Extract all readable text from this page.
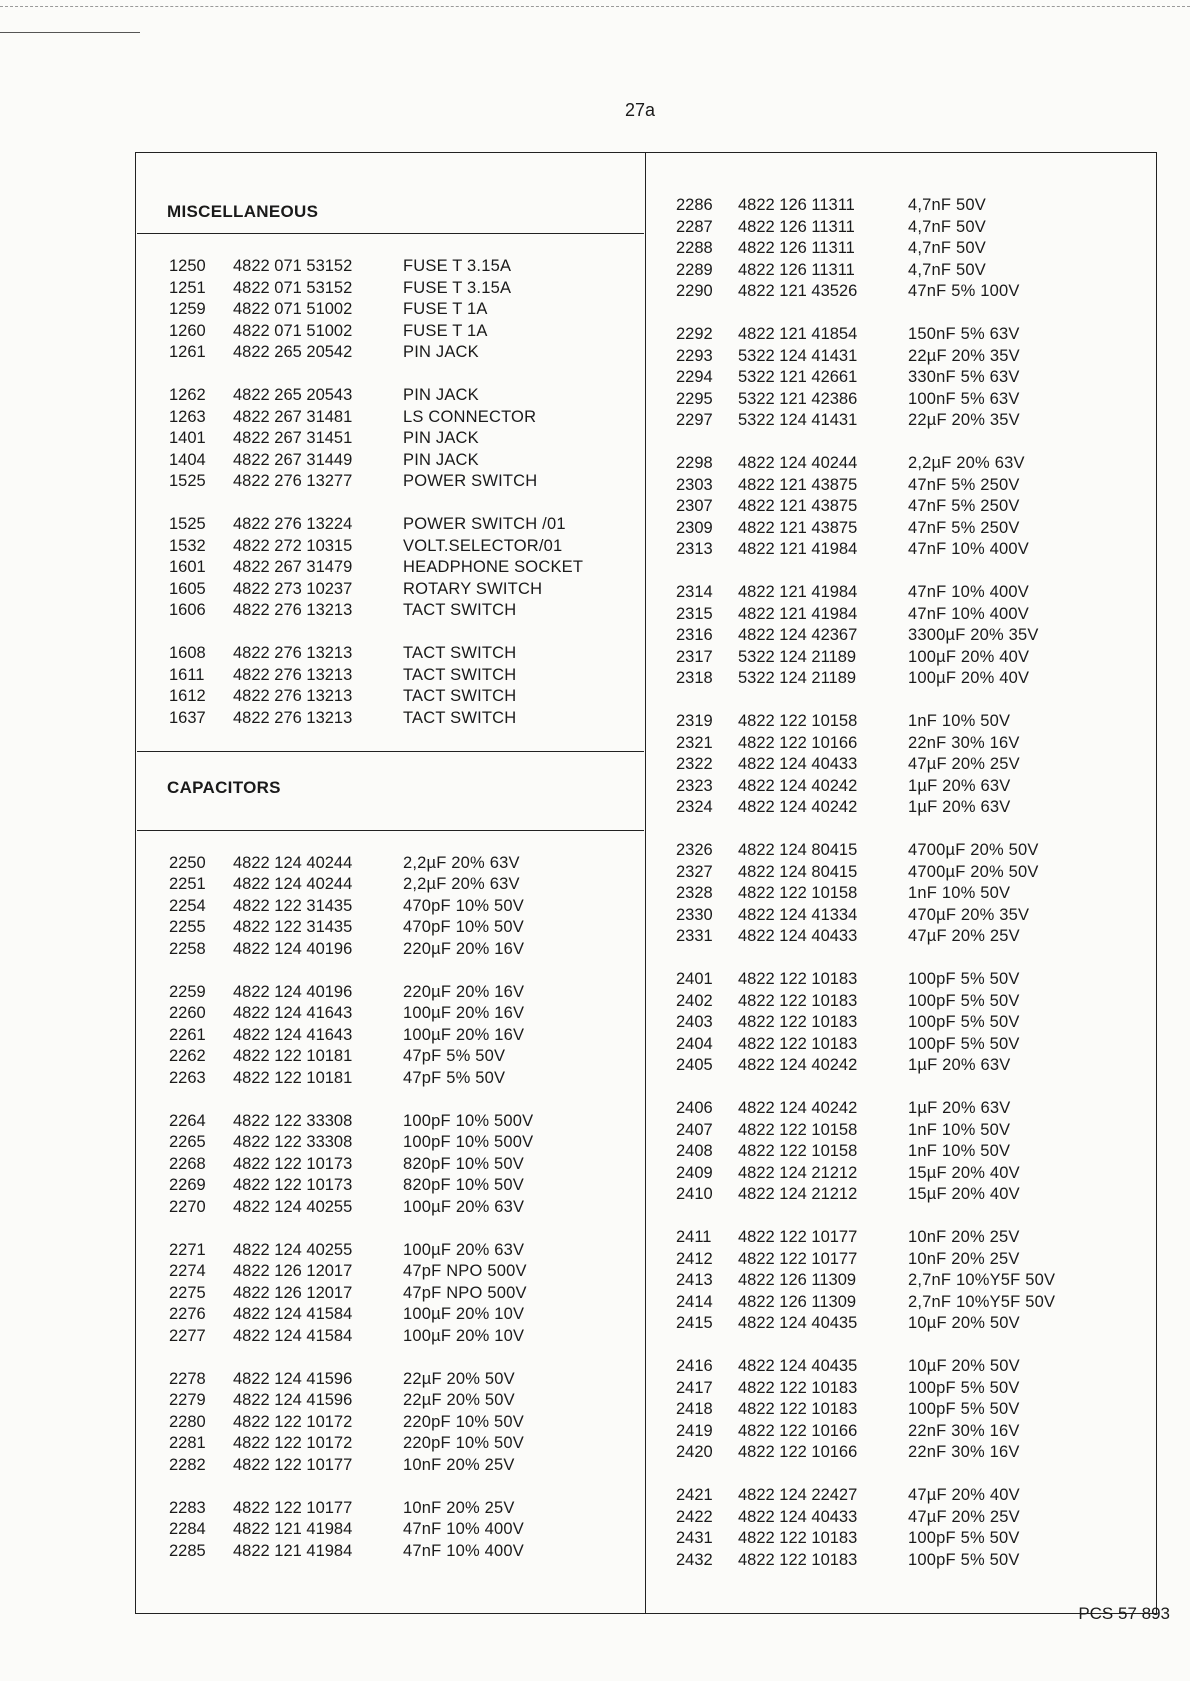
27a
MISCELLANEOUS
1250 4822 071 53152	FUSE T 3.15A
1251 4822 071 53152	FUSE T 3.15A
1259 4822 071 51002	FUSE T 1A
1260 4822 071 51002	FUSE T 1A
1261 4822 265 20542	PIN JACK
1262 4822 265 20543	PIN JACK
1263 4822 267 31481	LS CONNECTOR
1401 4822 267 31451	PIN JACK
1404 4822 267 31449	PIN JACK
1525 4822 276 13277	POWER SWITCH
1525 4822 276 13224	POWER SWITCH /01
1532 4822 272 10315	VOLT.SELECTOR/01
1601 4822 267 31479	HEADPHONE SOCKET
1605 4822 273 10237	ROTARY SWITCH
1606 4822 276 13213	TACT SWITCH
1608 4822 276 13213	TACT SWITCH
1611 4822 276 13213	TACT SWITCH
1612 4822 276 13213	TACT SWITCH
1637 4822 276 13213	TACT SWITCH
CAPACITORS
2250 4822 124 40244	2,2µF 20% 63V
2251 4822 124 40244	2,2µF 20% 63V
2254 4822 122 31435	470pF 10% 50V
2255 4822 122 31435	470pF 10% 50V
2258 4822 124 40196	220µF 20% 16V
2259 4822 124 40196	220µF 20% 16V
2260 4822 124 41643	100µF 20% 16V
2261 4822 124 41643	100µF 20% 16V
2262 4822 122 10181	47pF 5% 50V
2263 4822 122 10181	47pF 5% 50V
2264 4822 122 33308	100pF 10% 500V
2265 4822 122 33308	100pF 10% 500V
2268 4822 122 10173	820pF 10% 50V
2269 4822 122 10173	820pF 10% 50V
2270 4822 124 40255	100µF 20% 63V
2271 4822 124 40255	100µF 20% 63V
2274 4822 126 12017	47pF NPO 500V
2275 4822 126 12017	47pF NPO 500V
2276 4822 124 41584	100µF 20% 10V
2277 4822 124 41584	100µF 20% 10V
2278 4822 124 41596	22µF 20% 50V
2279 4822 124 41596	22µF 20% 50V
2280 4822 122 10172	220pF 10% 50V
2281 4822 122 10172	220pF 10% 50V
2282 4822 122 10177	10nF 20% 25V
2283 4822 122 10177	10nF 20% 25V
2284 4822 121 41984	47nF 10% 400V
2285 4822 121 41984	47nF 10% 400V
2286 4822 126 11311	4,7nF 50V
2287 4822 126 11311	4,7nF 50V
2288 4822 126 11311	4,7nF 50V
2289 4822 126 11311	4,7nF 50V
2290 4822 121 43526	47nF 5% 100V
2292 4822 121 41854	150nF 5% 63V
2293 5322 124 41431	22µF 20% 35V
2294 5322 121 42661	330nF 5% 63V
2295 5322 121 42386	100nF 5% 63V
2297 5322 124 41431	22µF 20% 35V
2298 4822 124 40244	2,2µF 20% 63V
2303 4822 121 43875	47nF 5% 250V
2307 4822 121 43875	47nF 5% 250V
2309 4822 121 43875	47nF 5% 250V
2313 4822 121 41984	47nF 10% 400V
2314 4822 121 41984	47nF 10% 400V
2315 4822 121 41984	47nF 10% 400V
2316 4822 124 42367	3300µF 20% 35V
2317 5322 124 21189	100µF 20% 40V
2318 5322 124 21189	100µF 20% 40V
2319 4822 122 10158	1nF 10% 50V
2321 4822 122 10166	22nF 30% 16V
2322 4822 124 40433	47µF 20% 25V
2323 4822 124 40242	1µF 20% 63V
2324 4822 124 40242	1µF 20% 63V
2326 4822 124 80415	4700µF 20% 50V
2327 4822 124 80415	4700µF 20% 50V
2328 4822 122 10158	1nF 10% 50V
2330 4822 124 41334	470µF 20% 35V
2331 4822 124 40433	47µF 20% 25V
2401 4822 122 10183	100pF 5% 50V
2402 4822 122 10183	100pF 5% 50V
2403 4822 122 10183	100pF 5% 50V
2404 4822 122 10183	100pF 5% 50V
2405 4822 124 40242	1µF 20% 63V
2406 4822 124 40242	1µF 20% 63V
2407 4822 122 10158	1nF 10% 50V
2408 4822 122 10158	1nF 10% 50V
2409 4822 124 21212	15µF 20% 40V
2410 4822 124 21212	15µF 20% 40V
2411 4822 122 10177	10nF 20% 25V
2412 4822 122 10177	10nF 20% 25V
2413 4822 126 11309	2,7nF 10%Y5F 50V
2414 4822 126 11309	2,7nF 10%Y5F 50V
2415 4822 124 40435	10µF 20% 50V
2416 4822 124 40435	10µF 20% 50V
2417 4822 122 10183	100pF 5% 50V
2418 4822 122 10183	100pF 5% 50V
2419 4822 122 10166	22nF 30% 16V
2420 4822 122 10166	22nF 30% 16V
2421 4822 124 22427	47µF 20% 40V
2422 4822 124 40433	47µF 20% 25V
2431 4822 122 10183	100pF 5% 50V
2432 4822 122 10183	100pF 5% 50V
PCS 57 893
